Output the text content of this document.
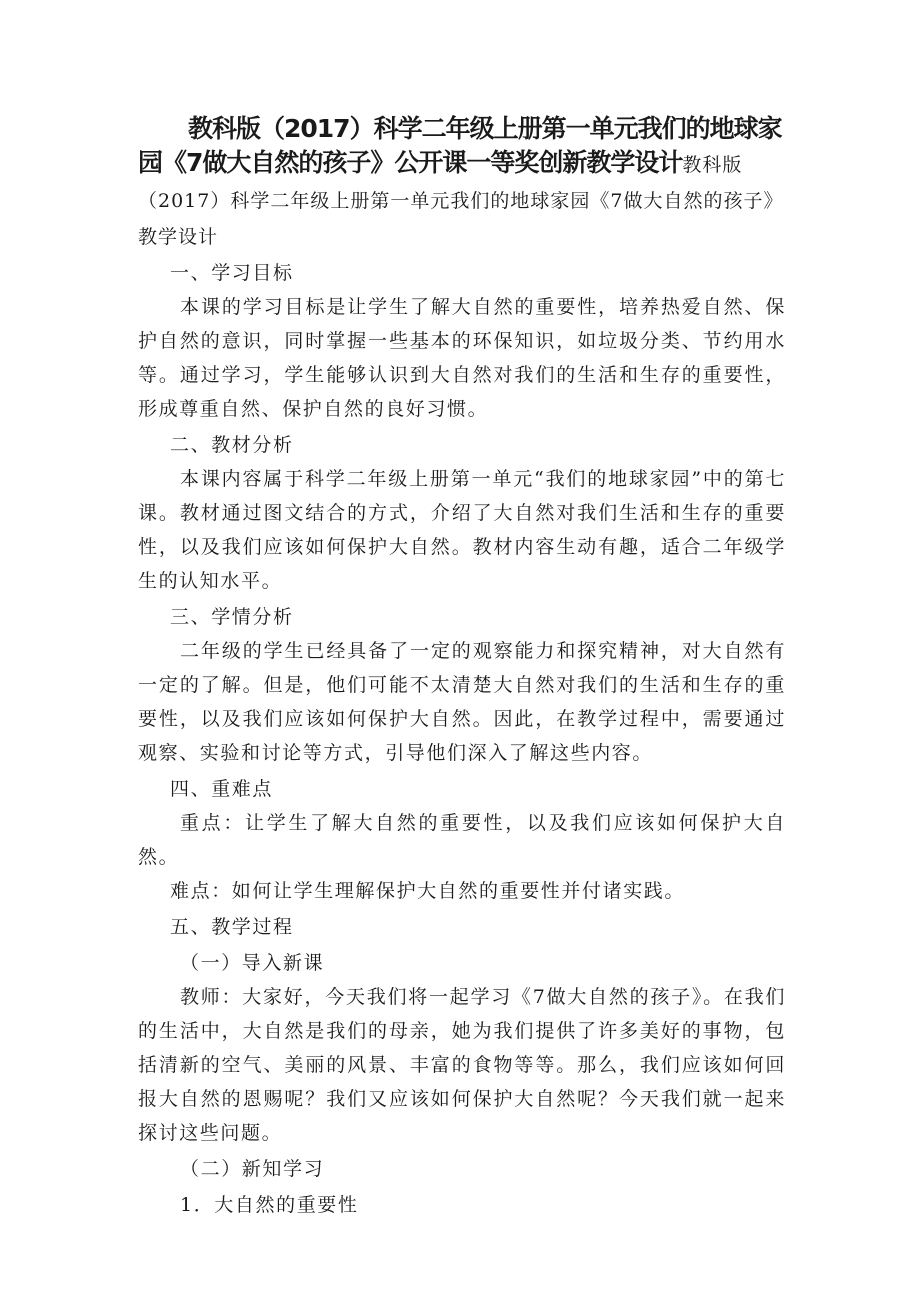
教科版（2017）科学二年级上册第一单元我们的地球家园《7做大自然的孩子》公开课一等奖创新教学设计教科版（2017）科学二年级上册第一单元我们的地球家园《7做大自然的孩子》教学设计

一、学习目标

本课的学习目标是让学生了解大自然的重要性，培养热爱自然、保护自然的意识，同时掌握一些基本的环保知识，如垃圾分类、节约用水等。通过学习，学生能够认识到大自然对我们的生活和生存的重要性，形成尊重自然、保护自然的良好习惯。

二、教材分析

本课内容属于科学二年级上册第一单元“我们的地球家园”中的第七课。教材通过图文结合的方式，介绍了大自然对我们生活和生存的重要性，以及我们应该如何保护大自然。教材内容生动有趣，适合二年级学生的认知水平。

三、学情分析

二年级的学生已经具备了一定的观察能力和探究精神，对大自然有一定的了解。但是，他们可能不太清楚大自然对我们的生活和生存的重要性，以及我们应该如何保护大自然。因此，在教学过程中，需要通过观察、实验和讨论等方式，引导他们深入了解这些内容。

四、重难点

重点：让学生了解大自然的重要性，以及我们应该如何保护大自然。

难点：如何让学生理解保护大自然的重要性并付诸实践。

五、教学过程

（一）导入新课

教师：大家好，今天我们将一起学习《7做大自然的孩子》。在我们的生活中，大自然是我们的母亲，她为我们提供了许多美好的事物，包括清新的空气、美丽的风景、丰富的食物等等。那么，我们应该如何回报大自然的恩赐呢？我们又应该如何保护大自然呢？今天我们就一起来探讨这些问题。

（二）新知学习

1．大自然的重要性
